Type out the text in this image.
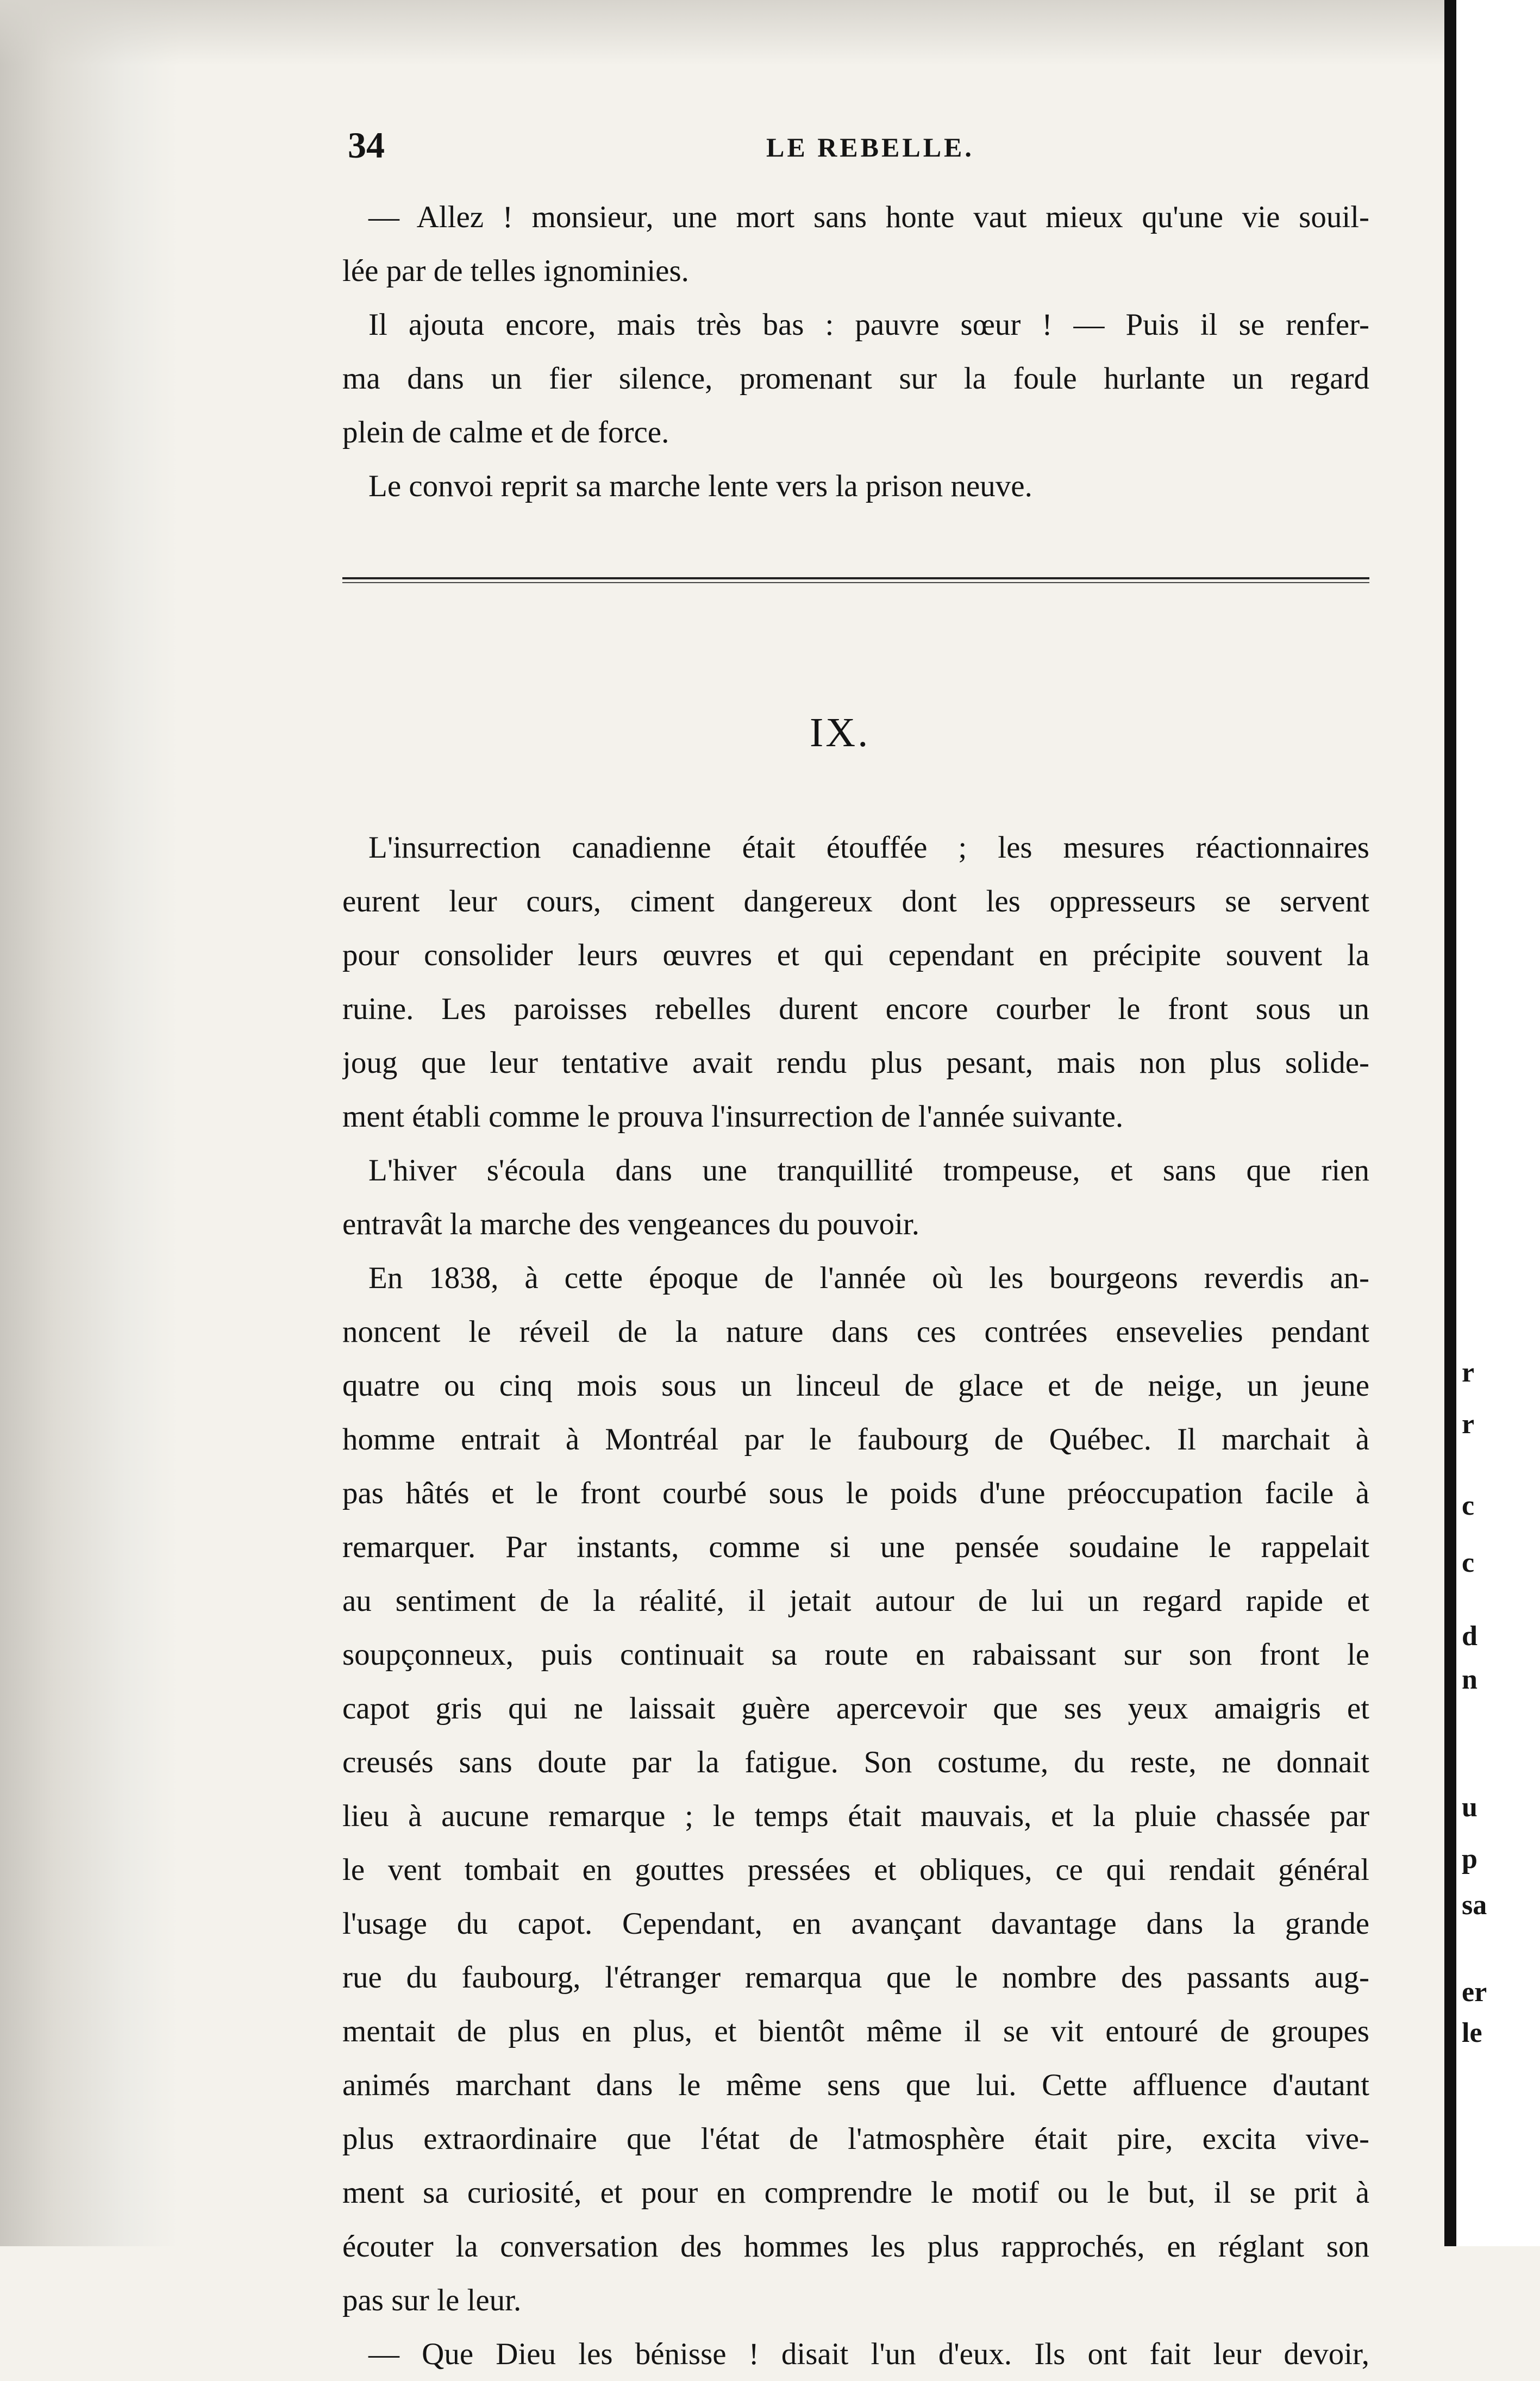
r
r
c
c
d
n
u
p
sa
er
le
34	LE REBELLE.
— Allez ! monsieur, une mort sans honte vaut mieux qu'une vie souil-
lée par de telles ignominies.
Il ajouta encore, mais très bas : pauvre sœur ! — Puis il se renfer-
ma dans un fier silence, promenant sur la foule hurlante un regard
plein de calme et de force.
Le convoi reprit sa marche lente vers la prison neuve.
IX.
L'insurrection canadienne était étouffée ; les mesures réactionnaires
eurent leur cours, ciment dangereux dont les oppresseurs se servent
pour consolider leurs œuvres et qui cependant en précipite souvent la
ruine. Les paroisses rebelles durent encore courber le front sous un
joug que leur tentative avait rendu plus pesant, mais non plus solide-
ment établi comme le prouva l'insurrection de l'année suivante.
L'hiver s'écoula dans une tranquillité trompeuse, et sans que rien
entravât la marche des vengeances du pouvoir.
En 1838, à cette époque de l'année où les bourgeons reverdis an-
noncent le réveil de la nature dans ces contrées ensevelies pendant
quatre ou cinq mois sous un linceul de glace et de neige, un jeune
homme entrait à Montréal par le faubourg de Québec. Il marchait à
pas hâtés et le front courbé sous le poids d'une préoccupation facile à
remarquer. Par instants, comme si une pensée soudaine le rappelait
au sentiment de la réalité, il jetait autour de lui un regard rapide et
soupçonneux, puis continuait sa route en rabaissant sur son front le
capot gris qui ne laissait guère apercevoir que ses yeux amaigris et
creusés sans doute par la fatigue. Son costume, du reste, ne donnait
lieu à aucune remarque ; le temps était mauvais, et la pluie chassée par
le vent tombait en gouttes pressées et obliques, ce qui rendait général
l'usage du capot. Cependant, en avançant davantage dans la grande
rue du faubourg, l'étranger remarqua que le nombre des passants aug-
mentait de plus en plus, et bientôt même il se vit entouré de groupes
animés marchant dans le même sens que lui. Cette affluence d'autant
plus extraordinaire que l'état de l'atmosphère était pire, excita vive-
ment sa curiosité, et pour en comprendre le motif ou le but, il se prit à
écouter la conversation des hommes les plus rapprochés, en réglant son
pas sur le leur.
— Que Dieu les bénisse ! disait l'un d'eux. Ils ont fait leur devoir,
